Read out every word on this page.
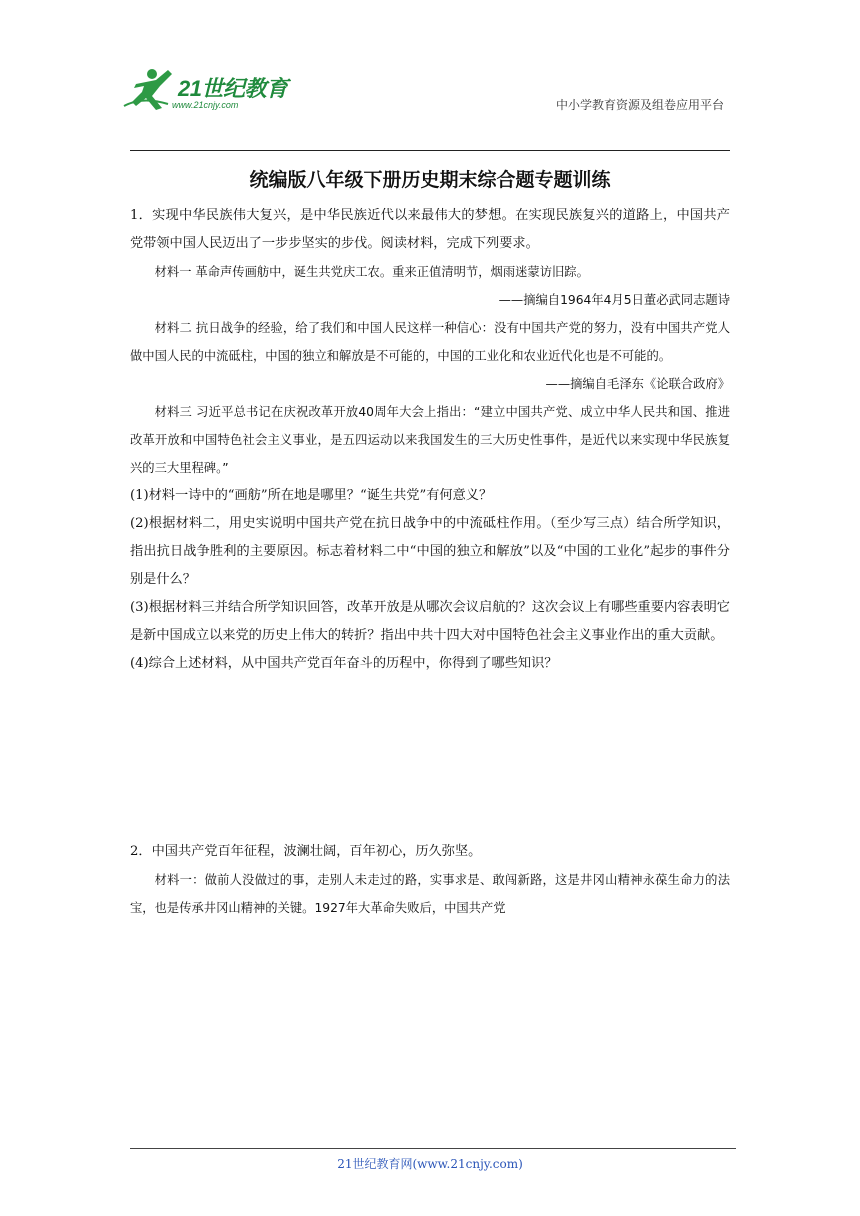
21世纪教育
www.21cnjy.com	中小学教育资源及组卷应用平台
统编版八年级下册历史期末综合题专题训练

1．实现中华民族伟大复兴，是中华民族近代以来最伟大的梦想。在实现民族复兴的道路上，中国共产党带领中国人民迈出了一步步坚实的步伐。阅读材料，完成下列要求。

材料一 革命声传画舫中，诞生共党庆工农。重来正值清明节，烟雨迷蒙访旧踪。

——摘编自1964年4月5日董必武同志题诗

材料二 抗日战争的经验，给了我们和中国人民这样一种信心：没有中国共产党的努力，没有中国共产党人做中国人民的中流砥柱，中国的独立和解放是不可能的，中国的工业化和农业近代化也是不可能的。

——摘编自毛泽东《论联合政府》

材料三 习近平总书记在庆祝改革开放40周年大会上指出：“建立中国共产党、成立中华人民共和国、推进改革开放和中国特色社会主义事业，是五四运动以来我国发生的三大历史性事件，是近代以来实现中华民族复兴的三大里程碑。”

(1)材料一诗中的“画舫”所在地是哪里？“诞生共党”有何意义？

(2)根据材料二，用史实说明中国共产党在抗日战争中的中流砥柱作用。（至少写三点）结合所学知识，指出抗日战争胜利的主要原因。标志着材料二中“中国的独立和解放”以及“中国的工业化”起步的事件分别是什么？

(3)根据材料三并结合所学知识回答，改革开放是从哪次会议启航的？这次会议上有哪些重要内容表明它是新中国成立以来党的历史上伟大的转折？指出中共十四大对中国特色社会主义事业作出的重大贡献。

(4)综合上述材料，从中国共产党百年奋斗的历程中，你得到了哪些知识？

2．中国共产党百年征程，波澜壮阔，百年初心，历久弥坚。

材料一：做前人没做过的事，走别人未走过的路，实事求是、敢闯新路，这是井冈山精神永葆生命力的法宝，也是传承井冈山精神的关键。1927年大革命失败后，中国共产党

21世纪教育网(www.21cnjy.com)
